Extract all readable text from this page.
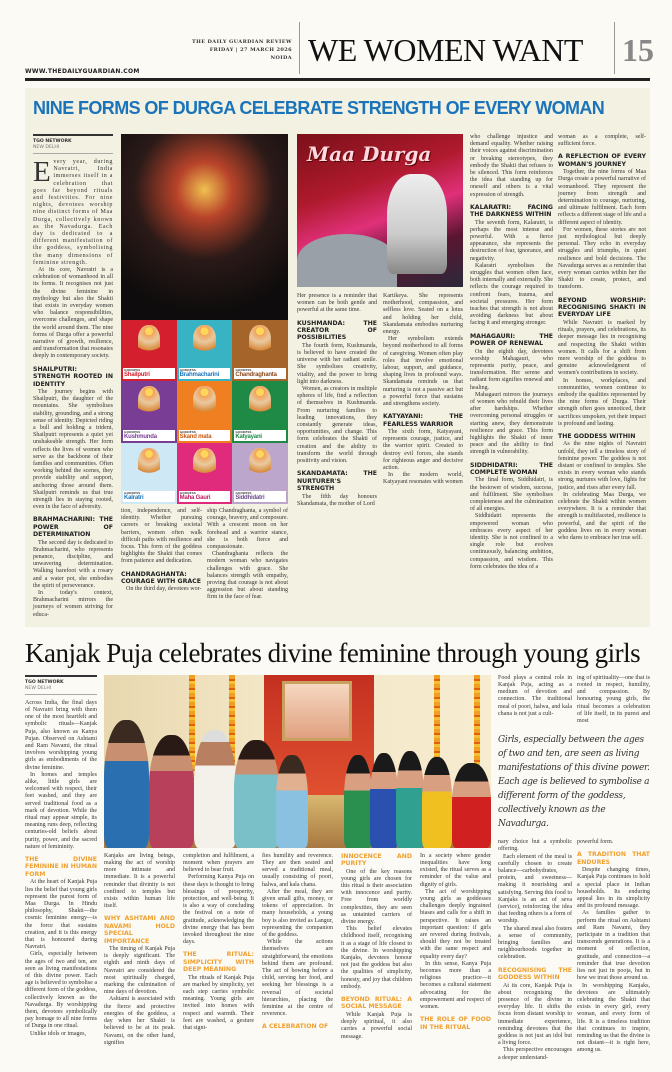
THE DAILY GUARDIAN REVIEW
FRIDAY | 27 MARCH 2026
NOIDA WE WOMEN WANT 15
WWW.THEDAILYGUARDIAN.COM
NINE FORMS OF DURGA CELEBRATE STRENGTH OF EVERY WOMAN
TGO NETWORK
NEW DELHI

Every year, during Navratri, India immerses itself in a celebration that goes far beyond rituals and festivities. For nine nights, devotees worship nine distinct forms of Maa Durga, collectively known as the Navadurga. Each day is dedicated to a different manifestation of the goddess, symbolising the many dimensions of feminine strength.

At its core, Navratri is a celebration of womanhood in all its forms. It recognises not just the divine feminine in mythology but also the Shakti that exists in everyday women who balance responsibilities, overcome challenges, and shape the world around them. The nine forms of Durga offer a powerful narrative of growth, resilience, and transformation that resonates deeply in contemporary society.

SHAILPUTRI: STRENGTH ROOTED IN IDENTITY

The journey begins with Shailputri, the daughter of the mountains. She symbolises stability, grounding, and a strong sense of identity. Depicted riding a bull and holding a trident, Shailputri represents a quiet yet unshakeable strength. Her form reflects the lives of women who serve as the backbone of their families and communities. Often working behind the scenes, they provide stability and support, anchoring those around them. Shailputri reminds us that true strength lies in staying rooted, even in the face of adversity.

BRAHMACHARINI: THE POWER OF DETERMINATION

The second day is dedicated to Brahmacharini, who represents penance, discipline, and unwavering determination. Walking barefoot with a rosary and a water pot, she embodies the spirit of perseverance.

In today's context, Brahmacharini mirrors the journeys of women striving for educa-

GODDESS
Shailputri
GODDESS
Brahmacharini
GODDESS
Chandraghanta
GODDESS
Kushmunda
GODDESS
Skand mata
GODDESS
Katyayani
GODDESS
Kalratri
GODDESS
Maha Gauri
GODDESS
Siddhidatri

tion, independence, and self-identity. Whether pursuing careers or breaking societal barriers, women often walk difficult paths with resilience and focus. This form of the goddess highlights the Shakti that comes from patience and dedication.

CHANDRAGHANTA: COURAGE WITH GRACE

On the third day, devotees wor-

ship Chandraghanta, a symbol of courage, bravery, and composure. With a crescent moon on her forehead and a warrior stance, she is both fierce and compassionate.

Chandraghanta reflects the modern woman who navigates challenges with grace. She balances strength with empathy, proving that courage is not about aggression but about standing firm in the face of fear.

Maa Durga

Her presence is a reminder that women can be both gentle and powerful at the same time.

KUSHMANDA: THE CREATOR OF POSSIBILITIES

The fourth form, Kushmanda, is believed to have created the universe with her radiant smile. She symbolises creativity, vitality, and the power to bring light into darkness.

Women, as creators in multiple spheres of life, find a reflection of themselves in Kushmanda. From nurturing families to leading innovations, they constantly generate ideas, opportunities, and change. This form celebrates the Shakti of creation and the ability to transform the world through positivity and vision.

SKANDAMATA: THE NURTURER'S STRENGTH

The fifth day honours Skandamata, the mother of Lord

Kartikeya. She represents motherhood, compassion, and selfless love. Seated on a lotus and holding her child, Skandamata embodies nurturing energy.

Her symbolism extends beyond motherhood to all forms of caregiving. Women often play roles that involve emotional labour, support, and guidance, shaping lives in profound ways. Skandamata reminds us that nurturing is not a passive act but a powerful force that sustains and strengthens society.

KATYAYANI: THE FEARLESS WARRIOR

The sixth form, Katyayani, represents courage, justice, and the warrior spirit. Created to destroy evil forces, she stands for righteous anger and decisive action.

In the modern world, Katyayani resonates with women

who challenge injustice and demand equality. Whether raising their voices against discrimination or breaking stereotypes, they embody the Shakti that refuses to be silenced. This form reinforces the idea that standing up for oneself and others is a vital expression of strength.

KALARATRI: FACING THE DARKNESS WITHIN

The seventh form, Kalaratri, is perhaps the most intense and powerful. With a fierce appearance, she represents the destruction of fear, ignorance, and negativity.

Kalaratri symbolises the struggles that women often face, both internally and externally. She reflects the courage required to confront fears, trauma, and societal pressures. Her form teaches that strength is not about avoiding darkness but about facing it and emerging stronger.

MAHAGAURI: THE POWER OF RENEWAL

On the eighth day, devotees worship Mahagauri, who represents purity, peace, and transformation. Her serene and radiant form signifies renewal and healing.

Mahagauri mirrors the journeys of women who rebuild their lives after hardships. Whether overcoming personal struggles or starting anew, they demonstrate resilience and grace. This form highlights the Shakti of inner peace and the ability to find strength in vulnerability.

SIDDHIDATRI: THE COMPLETE WOMAN

The final form, Siddhidatri, is the bestower of wisdom, success, and fulfilment. She symbolises completeness and the culmination of all energies.

Siddhidatri represents the empowered woman who embraces every aspect of her identity. She is not confined to a single role but evolves continuously, balancing ambition, compassion, and wisdom. This form celebrates the idea of a

woman as a complete, self-sufficient force.

A REFLECTION OF EVERY WOMAN'S JOURNEY

Together, the nine forms of Maa Durga create a powerful narrative of womanhood. They represent the journey from strength and determination to courage, nurturing, and ultimate fulfilment. Each form reflects a different stage of life and a different aspect of identity.

For women, these stories are not just mythological but deeply personal. They echo in everyday struggles and triumphs, in quiet resilience and bold decisions. The Navadurga serves as a reminder that every woman carries within her the Shakti to create, protect, and transform.

BEYOND WORSHIP: RECOGNISING SHAKTI IN EVERYDAY LIFE

While Navratri is marked by rituals, prayers, and celebrations, its deeper message lies in recognising and respecting the Shakti within women. It calls for a shift from mere worship of the goddess to genuine acknowledgment of women's contributions in society.

In homes, workplaces, and communities, women continue to embody the qualities represented by the nine forms of Durga. Their strength often goes unnoticed, their sacrifices unspoken, yet their impact is profound and lasting.

THE GODDESS WITHIN

As the nine nights of Navratri unfold, they tell a timeless story of feminine power. The goddess is not distant or confined to temples. She exists in every woman who stands strong, nurtures with love, fights for justice, and rises after every fall.

In celebrating Maa Durga, we celebrate the Shakti within women everywhere. It is a reminder that strength is multifaceted, resilience is powerful, and the spirit of the goddess lives on in every woman who dares to embrace her true self.

Kanjak Puja celebrates divine feminine through young girls
TGO NETWORK
NEW DELHI

Across India, the final days of Navratri bring with them one of the most heartfelt and symbolic rituals—Kanjak Puja, also known as Kanya Pujan. Observed on Ashtami and Ram Navami, the ritual involves worshipping young girls as embodiments of the divine feminine.

In homes and temples alike, little girls are welcomed with respect, their feet washed, and they are served traditional food as a mark of devotion. While the ritual may appear simple, its meaning runs deep, reflecting centuries-old beliefs about purity, power, and the sacred nature of femininity.

THE DIVINE FEMININE IN HUMAN FORM

At the heart of Kanjak Puja lies the belief that young girls represent the purest form of Maa Durga. In Hindu philosophy, Shakti—the cosmic feminine energy—is the force that sustains creation, and it is this energy that is honoured during Navratri.

Girls, especially between the ages of two and ten, are seen as living manifestations of this divine power. Each age is believed to symbolise a different form of the goddess, collectively known as the Navadurga. By worshipping them, devotees symbolically pay homage to all nine forms of Durga in one ritual.

Unlike idols or images,

Kanjaks are living beings, making the act of worship more intimate and immediate. It is a powerful reminder that divinity is not confined to temples but exists within human life itself.

WHY ASHTAMI AND NAVAMI HOLD SPECIAL IMPORTANCE

The timing of Kanjak Puja is deeply significant. The eighth and ninth days of Navratri are considered the most spiritually charged, marking the culmination of nine days of devotion.

Ashtami is associated with the fierce and protective energies of the goddess, a day when her Shakti is believed to be at its peak. Navami, on the other hand, signifies

completion and fulfilment, a moment when prayers are believed to bear fruit.

Performing Kanya Puja on these days is thought to bring blessings of prosperity, protection, and well-being. It is also a way of concluding the festival on a note of gratitude, acknowledging the divine energy that has been invoked throughout the nine days.

THE RITUAL: SIMPLICITY WITH DEEP MEANING

The rituals of Kanjak Puja are marked by simplicity, yet each step carries symbolic meaning. Young girls are invited into homes with respect and warmth. Their feet are washed, a gesture that signi-

fies humility and reverence. They are then seated and served a traditional meal, usually consisting of poori, halwa, and kala chana.

After the meal, they are given small gifts, money, or tokens of appreciation. In many households, a young boy is also invited as Langur, representing the companion of the goddess.

While the actions themselves are straightforward, the emotions behind them are profound. The act of bowing before a child, serving her food, and seeking her blessings is a reversal of societal hierarchies, placing the feminine at the centre of reverence.

A CELEBRATION OF
INNOCENCE AND PURITY

One of the key reasons young girls are chosen for this ritual is their association with innocence and purity. Free from worldly complexities, they are seen as untainted carriers of divine energy.

This belief elevates childhood itself, recognising it as a stage of life closest to the divine. In worshipping Kanjaks, devotees honour not just the goddess but also the qualities of simplicity, honesty, and joy that children embody.

BEYOND RITUAL: A SOCIAL MESSAGE

While Kanjak Puja is deeply spiritual, it also carries a powerful social message.

In a society where gender inequalities have long existed, the ritual serves as a reminder of the value and dignity of girls.

The act of worshipping young girls as goddesses challenges deeply ingrained biases and calls for a shift in perspective. It raises an important question: if girls are revered during festivals, should they not be treated with the same respect and equality every day?

In this sense, Kanya Puja becomes more than a religious practice—it becomes a cultural statement advocating for the empowerment and respect of women.

THE ROLE OF FOOD IN THE RITUAL

Food plays a central role in Kanjak Puja, acting as a medium of devotion and connection. The traditional meal of poori, halwa, and kala chana is not just a culi-

ing of spirituality—one that is rooted in respect, humility, and compassion. By honouring young girls, the ritual becomes a celebration of life itself, in its purest and most

Girls, especially between the ages of two and ten, are seen as living manifestations of this divine power. Each age is believed to symbolise a different form of the goddess, collectively known as the Navadurga.

nary choice but a symbolic offering.

Each element of the meal is carefully chosen to create balance—carbohydrates, protein, and sweetness—making it nourishing and satisfying. Serving this food to Kanjaks is an act of seva (service), reinforcing the idea that feeding others is a form of worship.

The shared meal also fosters a sense of community, bringing families and neighbourhoods together in celebration.

RECOGNISING THE GODDESS WITHIN

At its core, Kanjak Puja is about recognising the presence of the divine in everyday life. It shifts the focus from distant worship to immediate experience, reminding devotees that the goddess is not just an idol but a living force.

This perspective encourages a deeper understand-

powerful form.

A TRADITION THAT ENDURES

Despite changing times, Kanjak Puja continues to hold a special place in Indian households. Its enduring appeal lies in its simplicity and its profound message.

As families gather to perform the ritual on Ashtami and Ram Navami, they participate in a tradition that transcends generations. It is a moment of reflection, gratitude, and connection—a reminder that true devotion lies not just in pooja, but in how we treat those around us.

In worshipping Kanjaks, devotees are ultimately celebrating the Shakti that exists in every girl, every woman, and every form of life. It is a timeless tradition that continues to inspire, reminding us that the divine is not distant—it is right here, among us.
